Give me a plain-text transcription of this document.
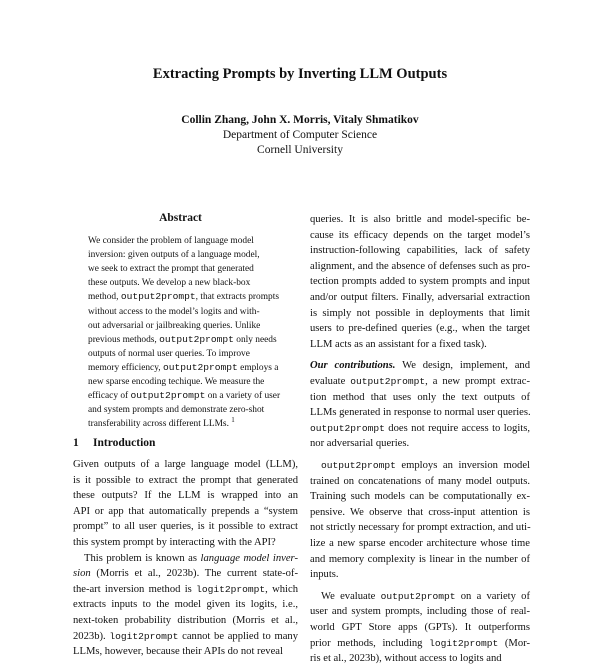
Extracting Prompts by Inverting LLM Outputs
Collin Zhang, John X. Morris, Vitaly Shmatikov
Department of Computer Science
Cornell University
Abstract
We consider the problem of language model
inversion: given outputs of a language model,
we seek to extract the prompt that generated
these outputs. We develop a new black-box
method, output2prompt, that extracts prompts
without access to the model’s logits and with-
out adversarial or jailbreaking queries. Unlike
previous methods, output2prompt only needs
outputs of normal user queries. To improve
memory efficiency, output2prompt employs a
new sparse encoding techique. We measure the
efficacy of output2prompt on a variety of user
and system prompts and demonstrate zero-shot
transferability across different LLMs. $^1$
1 Introduction
Given outputs of a large language model (LLM),
is it possible to extract the prompt that generated
these outputs? If the LLM is wrapped into an
API or app that automatically prepends a “system
prompt” to all user queries, is it possible to extract
this system prompt by interacting with the API?
This problem is known as language model inver-
sion (Morris et al., 2023b). The current state-of-
the-art inversion method is logit2prompt, which
extracts inputs to the model given its logits, i.e.,
next-token probability distribution (Morris et al.,
2023b). logit2prompt cannot be applied to many
LLMs, however, because their APIs do not reveal
queries. It is also brittle and model-specific be-
cause its efficacy depends on the target model’s
instruction-following capabilities, lack of safety
alignment, and the absence of defenses such as pro-
tection prompts added to system prompts and input
and/or output filters. Finally, adversarial extraction
is simply not possible in deployments that limit
users to pre-defined queries (e.g., when the target
LLM acts as an assistant for a fixed task).
Our contributions. We design, implement, and
evaluate output2prompt, a new prompt extrac-
tion method that uses only the text outputs of
LLMs generated in response to normal user queries.
output2prompt does not require access to logits,
nor adversarial queries.
output2prompt employs an inversion model
trained on concatenations of many model outputs.
Training such models can be computationally ex-
pensive. We observe that cross-input attention is
not strictly necessary for prompt extraction, and uti-
lize a new sparse encoder architecture whose time
and memory complexity is linear in the number of
inputs.
We evaluate output2prompt on a variety of
user and system prompts, including those of real-
world GPT Store apps (GPTs). It outperforms
prior methods, including logit2prompt (Mor-
ris et al., 2023b), without access to logits and
